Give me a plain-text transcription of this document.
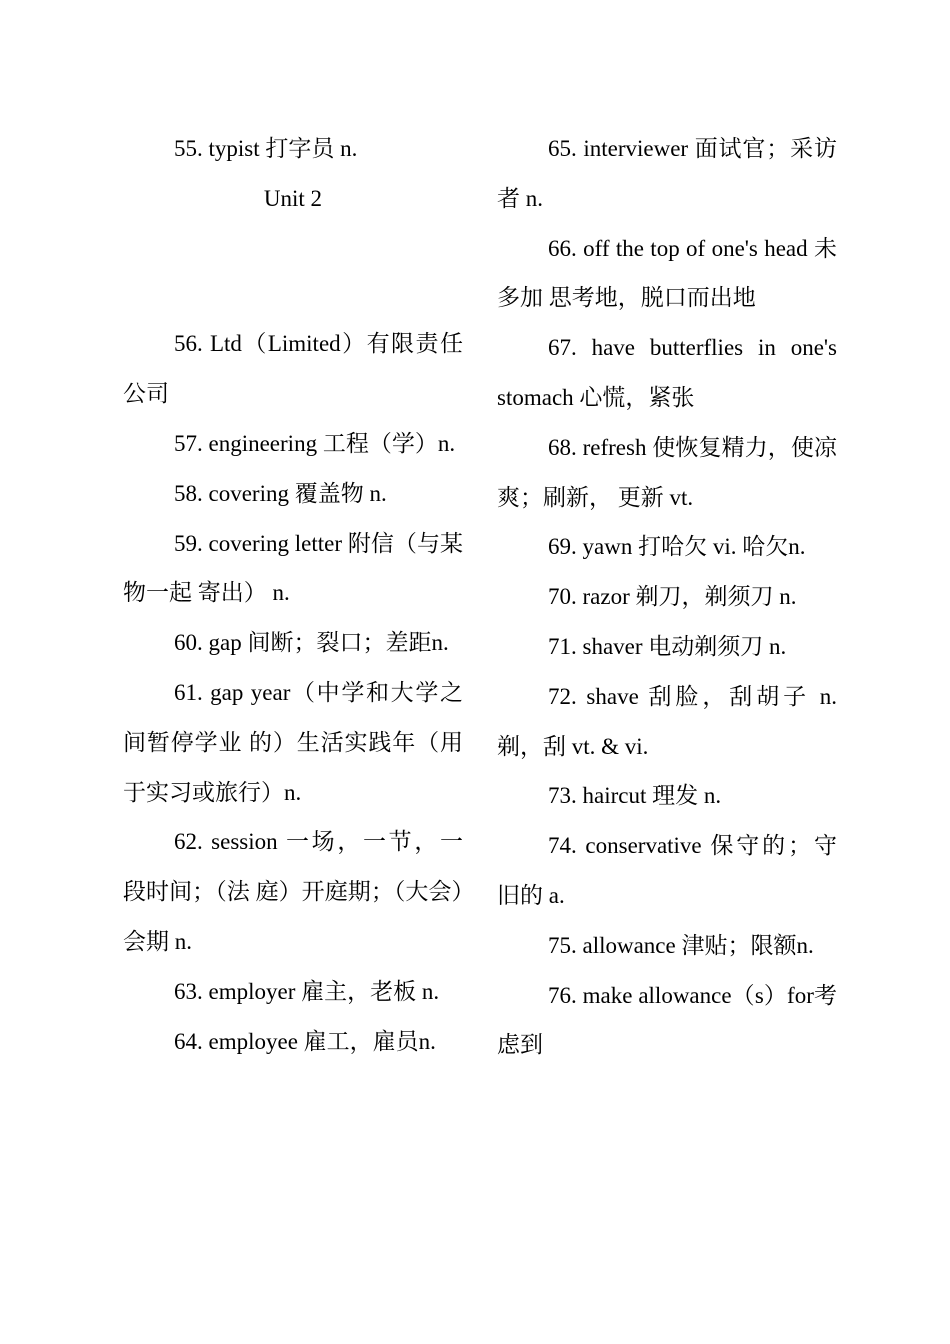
55. typist 打字员 n.

Unit 2

56. Ltd（Limited）有限责任公司

57. engineering 工程（学）n.

58. covering 覆盖物 n.

59. covering letter 附信（与某物一起 寄出） n.

60. gap 间断；裂口；差距n.

61. gap year（中学和大学之间暂停学业 的）生活实践年（用于实习或旅行）n.

62. session 一场，一节，一段时间；（法 庭）开庭期；（大会）会期 n.

63. employer 雇主，老板 n.

64. employee 雇工，雇员n.

65. interviewer 面试官；采访者 n.

66. off the top of one's head 未多加 思考地，脱口而出地

67. have butterflies in one's stomach 心慌，紧张

68. refresh 使恢复精力，使凉爽；刷新， 更新 vt.

69. yawn 打哈欠 vi. 哈欠n.

70. razor 剃刀，剃须刀 n.

71. shaver 电动剃须刀 n.

72. shave 刮脸，刮胡子 n. 剃，刮 vt. & vi.

73. haircut 理发 n.

74. conservative 保守的；守旧的 a.

75. allowance 津贴；限额n.

76. make allowance（s）for考虑到
